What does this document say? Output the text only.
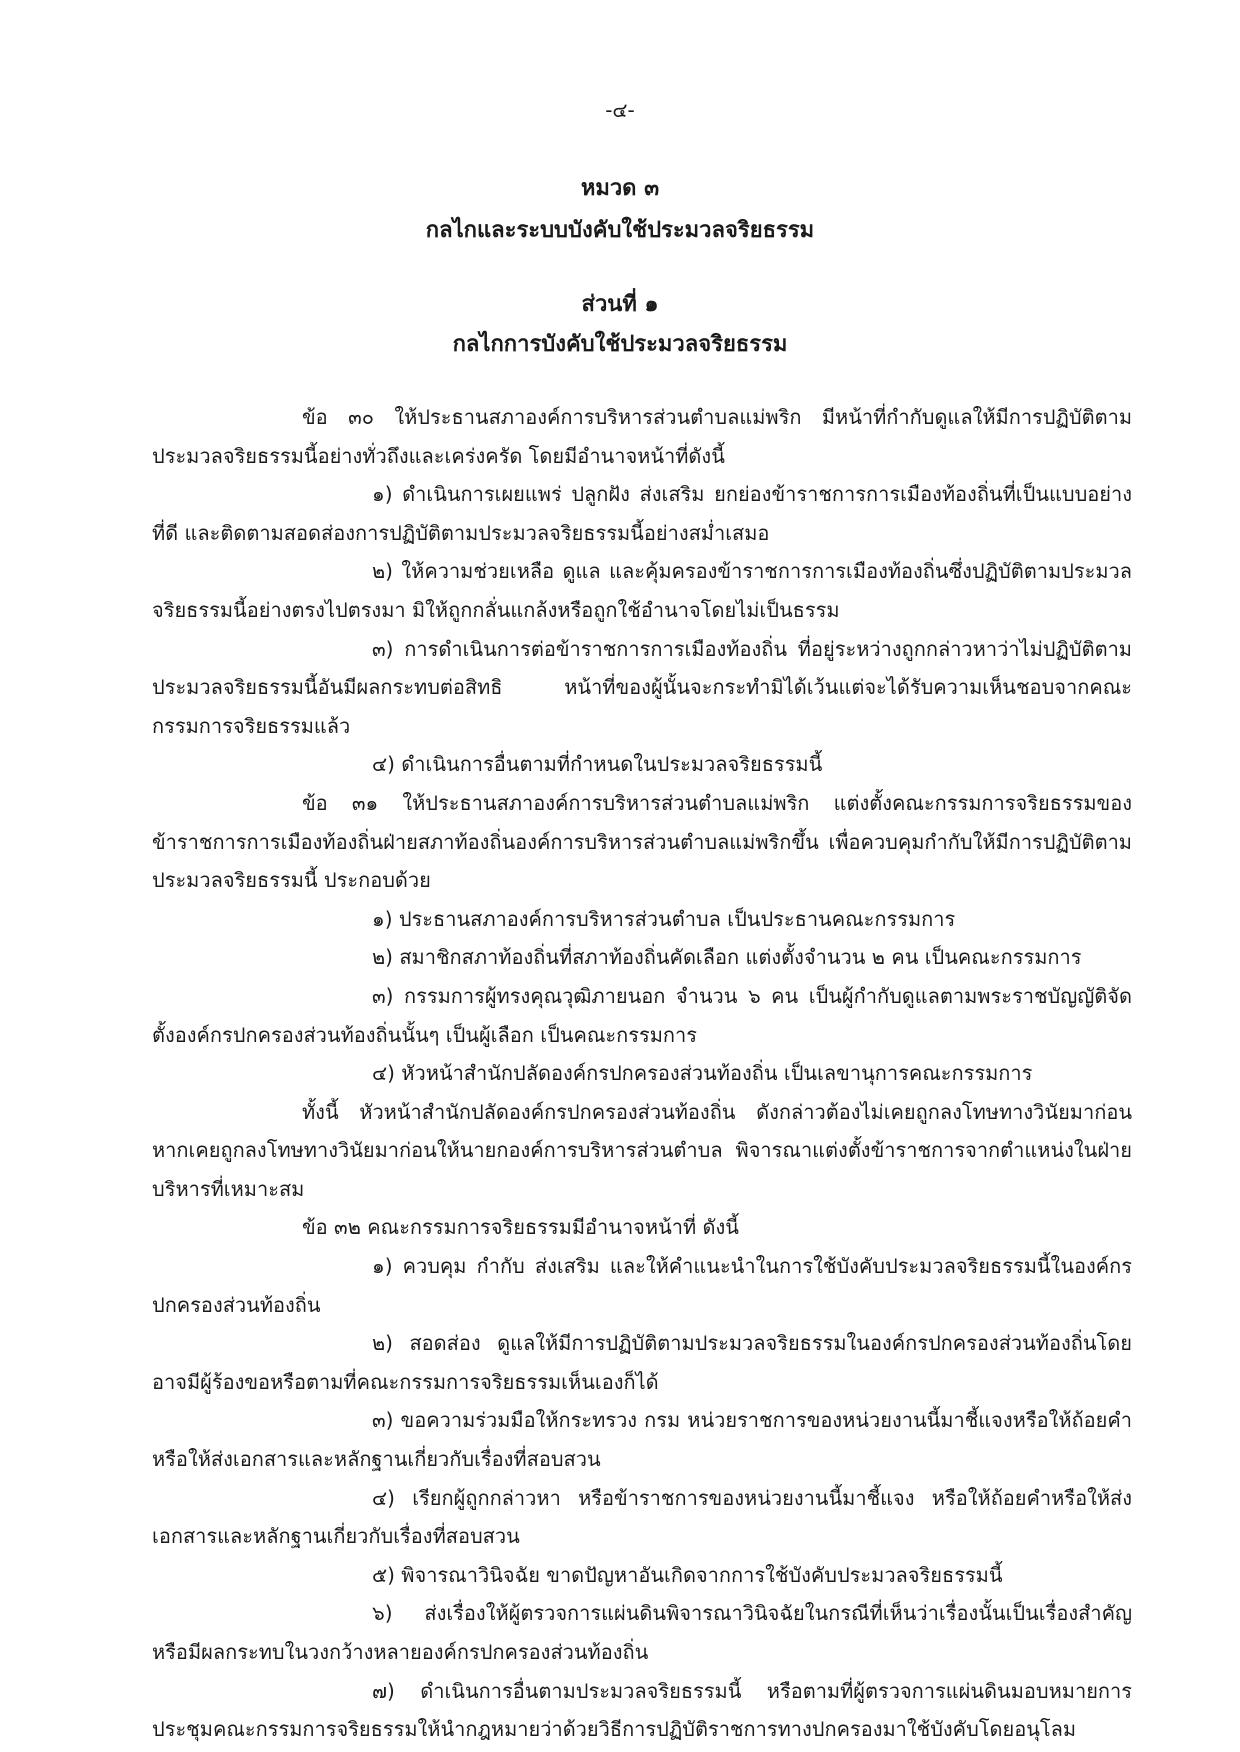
-๔-
หมวด ๓
กลไกและระบบบังคับใช้ประมวลจริยธรรม
ส่วนที่ ๑
กลไกการบังคับใช้ประมวลจริยธรรม

ข้อ ๓๐ ให้ประธานสภาองค์การบริหารส่วนตำบลแม่พริก มีหน้าที่กำกับดูแลให้มีการปฏิบัติตามประมวลจริยธรรมนี้อย่างทั่วถึงและเคร่งครัด โดยมีอำนาจหน้าที่ดังนี้

๑) ดำเนินการเผยแพร่ ปลูกฝัง ส่งเสริม ยกย่องข้าราชการการเมืองท้องถิ่นที่เป็นแบบอย่างที่ดี และติดตามสอดส่องการปฏิบัติตามประมวลจริยธรรมนี้อย่างสม่ำเสมอ

๒) ให้ความช่วยเหลือ ดูแล และคุ้มครองข้าราชการการเมืองท้องถิ่นซึ่งปฏิบัติตามประมวลจริยธรรมนี้อย่างตรงไปตรงมา มิให้ถูกกลั่นแกล้งหรือถูกใช้อำนาจโดยไม่เป็นธรรม

๓) การดำเนินการต่อข้าราชการการเมืองท้องถิ่น ที่อยู่ระหว่างถูกกล่าวหาว่าไม่ปฏิบัติตามประมวลจริยธรรมนี้อันมีผลกระทบต่อสิทธิ หน้าที่ของผู้นั้นจะกระทำมิได้เว้นแต่จะได้รับความเห็นชอบจากคณะกรรมการจริยธรรมแล้ว

๔) ดำเนินการอื่นตามที่กำหนดในประมวลจริยธรรมนี้

ข้อ ๓๑ ให้ประธานสภาองค์การบริหารส่วนตำบลแม่พริก แต่งตั้งคณะกรรมการจริยธรรมของข้าราชการการเมืองท้องถิ่นฝ่ายสภาท้องถิ่นองค์การบริหารส่วนตำบลแม่พริกขึ้น เพื่อควบคุมกำกับให้มีการปฏิบัติตามประมวลจริยธรรมนี้ ประกอบด้วย

๑) ประธานสภาองค์การบริหารส่วนตำบล เป็นประธานคณะกรรมการ

๒) สมาชิกสภาท้องถิ่นที่สภาท้องถิ่นคัดเลือก แต่งตั้งจำนวน ๒ คน เป็นคณะกรรมการ

๓) กรรมการผู้ทรงคุณวุฒิภายนอก จำนวน ๖ คน เป็นผู้กำกับดูแลตามพระราชบัญญัติจัดตั้งองค์กรปกครองส่วนท้องถิ่นนั้นๆ เป็นผู้เลือก เป็นคณะกรรมการ

๔) หัวหน้าสำนักปลัดองค์กรปกครองส่วนท้องถิ่น เป็นเลขานุการคณะกรรมการ

ทั้งนี้ หัวหน้าสำนักปลัดองค์กรปกครองส่วนท้องถิ่น ดังกล่าวต้องไม่เคยถูกลงโทษทางวินัยมาก่อนหากเคยถูกลงโทษทางวินัยมาก่อนให้นายกองค์การบริหารส่วนตำบล พิจารณาแต่งตั้งข้าราชการจากตำแหน่งในฝ่ายบริหารที่เหมาะสม

ข้อ ๓๒ คณะกรรมการจริยธรรมมีอำนาจหน้าที่ ดังนี้

๑) ควบคุม กำกับ ส่งเสริม และให้คำแนะนำในการใช้บังคับประมวลจริยธรรมนี้ในองค์กรปกครองส่วนท้องถิ่น

๒) สอดส่อง ดูแลให้มีการปฏิบัติตามประมวลจริยธรรมในองค์กรปกครองส่วนท้องถิ่นโดยอาจมีผู้ร้องขอหรือตามที่คณะกรรมการจริยธรรมเห็นเองก็ได้

๓) ขอความร่วมมือให้กระทรวง กรม หน่วยราชการของหน่วยงานนี้มาชี้แจงหรือให้ถ้อยคำหรือให้ส่งเอกสารและหลักฐานเกี่ยวกับเรื่องที่สอบสวน

๔) เรียกผู้ถูกกล่าวหา หรือข้าราชการของหน่วยงานนี้มาชี้แจง หรือให้ถ้อยคำหรือให้ส่งเอกสารและหลักฐานเกี่ยวกับเรื่องที่สอบสวน

๕) พิจารณาวินิจฉัย ขาดปัญหาอันเกิดจากการใช้บังคับประมวลจริยธรรมนี้

๖) ส่งเรื่องให้ผู้ตรวจการแผ่นดินพิจารณาวินิจฉัยในกรณีที่เห็นว่าเรื่องนั้นเป็นเรื่องสำคัญหรือมีผลกระทบในวงกว้างหลายองค์กรปกครองส่วนท้องถิ่น

๗) ดำเนินการอื่นตามประมวลจริยธรรมนี้ หรือตามที่ผู้ตรวจการแผ่นดินมอบหมายการประชุมคณะกรรมการจริยธรรมให้นำกฎหมายว่าด้วยวิธีการปฏิบัติราชการทางปกครองมาใช้บังคับโดยอนุโลม
